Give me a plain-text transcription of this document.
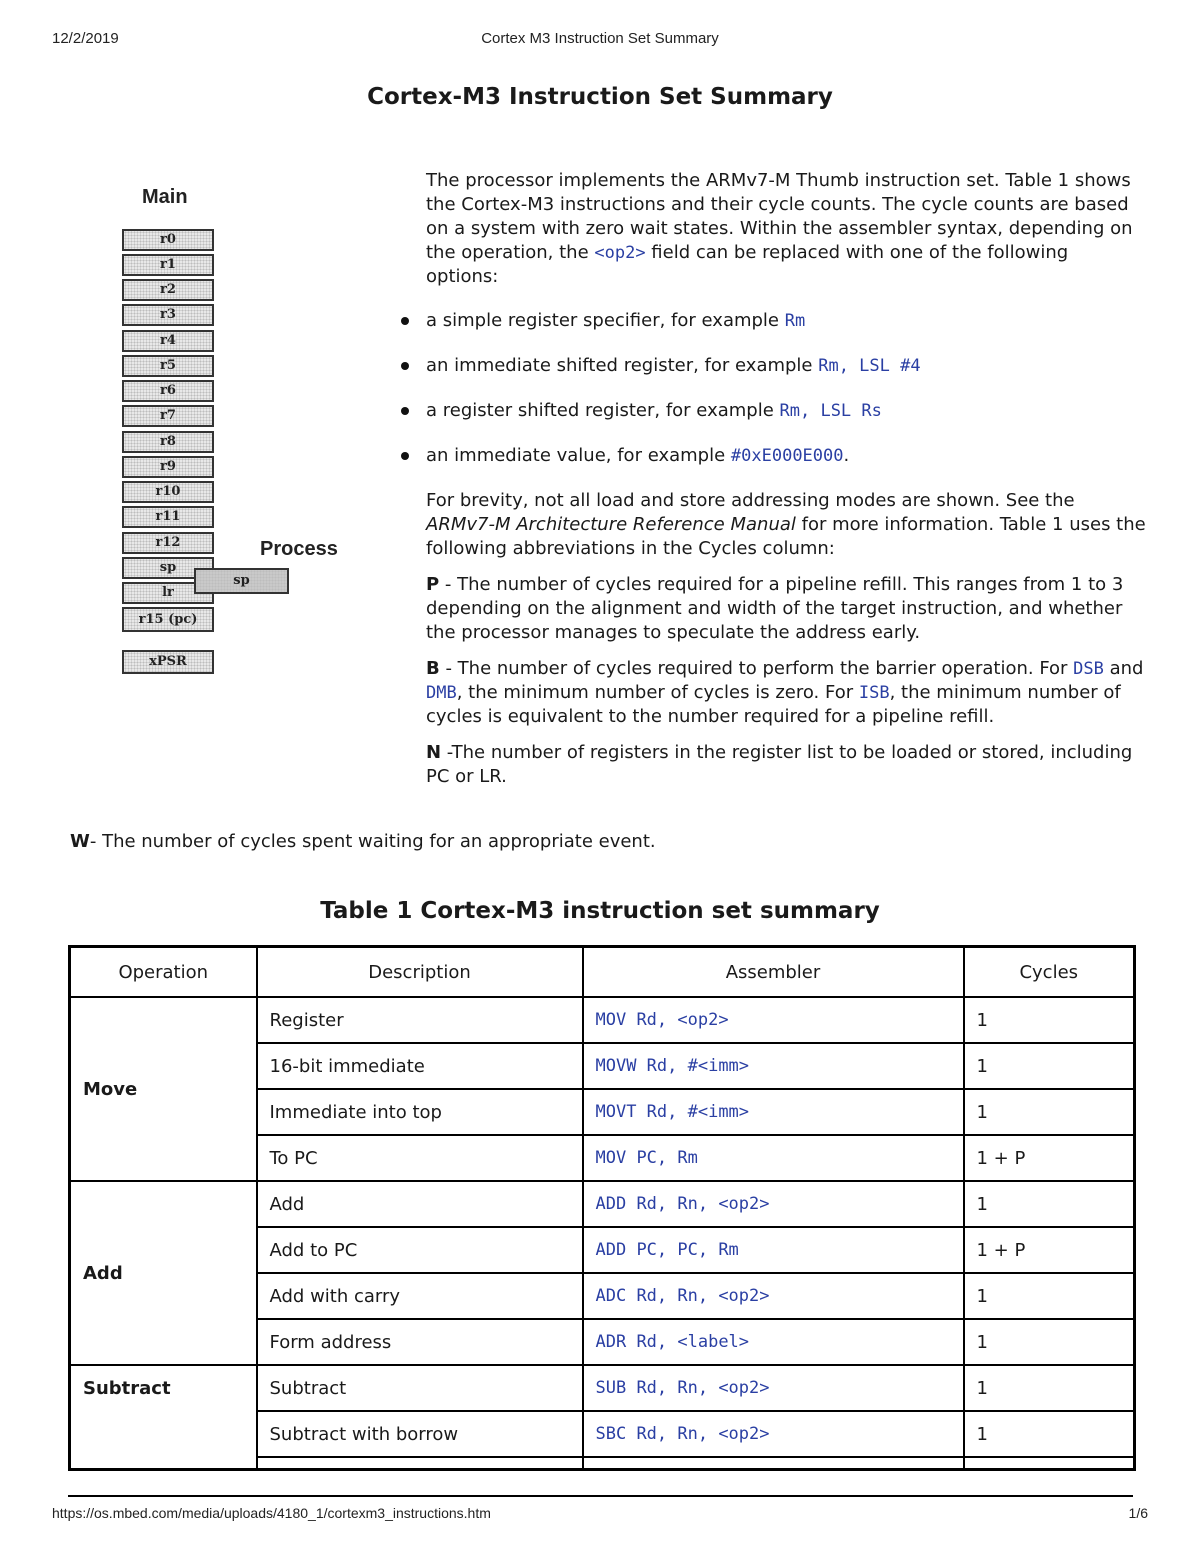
12/2/2019	Cortex M3 Instruction Set Summary
Cortex-M3 Instruction Set Summary
Main
Process
r0
r1
r2
r3
r4
r5
r6
r7
r8
r9
r10
r11
r12
sp
lr
r15 (pc)
sp
xPSR

The processor implements the ARMv7-M Thumb instruction set. Table 1 shows the Cortex-M3 instructions and their cycle counts. The cycle counts are based on a system with zero wait states. Within the assembler syntax, depending on the operation, the <op2> field can be replaced with one of the following options:

a simple register specifier, for example Rm
an immediate shifted register, for example Rm, LSL #4
a register shifted register, for example Rm, LSL Rs
an immediate value, for example #0xE000E000.

For brevity, not all load and store addressing modes are shown. See the ARMv7-M Architecture Reference Manual for more information. Table 1 uses the following abbreviations in the Cycles column:

P - The number of cycles required for a pipeline refill. This ranges from 1 to 3 depending on the alignment and width of the target instruction, and whether the processor manages to speculate the address early.

B - The number of cycles required to perform the barrier operation. For DSB and DMB, the minimum number of cycles is zero. For ISB, the minimum number of cycles is equivalent to the number required for a pipeline refill.

N -The number of registers in the register list to be loaded or stored, including PC or LR.

W- The number of cycles spent waiting for an appropriate event.
Table 1 Cortex-M3 instruction set summary
Operation	Description	Assembler	Cycles
Move	Register	MOV Rd, <op2>	1
	16-bit immediate	MOVW Rd, #<imm>	1
	Immediate into top	MOVT Rd, #<imm>	1
	To PC	MOV PC, Rm	1 + P
Add	Add	ADD Rd, Rn, <op2>	1
	Add to PC	ADD PC, PC, Rm	1 + P
	Add with carry	ADC Rd, Rn, <op2>	1
	Form address	ADR Rd, <label>	1
Subtract	Subtract	SUB Rd, Rn, <op2>	1
	Subtract with borrow	SBC Rd, Rn, <op2>	1

https://os.mbed.com/media/uploads/4180_1/cortexm3_instructions.htm	1/6
